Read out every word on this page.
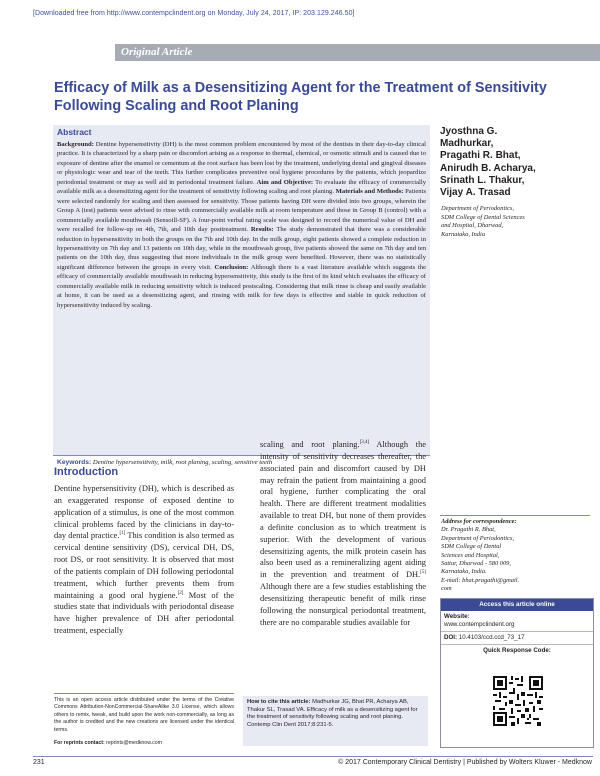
[Downloaded free from http://www.contempclindent.org on Monday, July 24, 2017, IP: 203.129.246.50]
Original Article
Efficacy of Milk as a Desensitizing Agent for the Treatment of Sensitivity
Following Scaling and Root Planing
Abstract
Background: Dentine hypersensitivity (DH) is the most common problem encountered by most of the dentists in their day-to-day clinical practice. It is characterized by a sharp pain or discomfort arising as a response to thermal, chemical, or osmotic stimuli and is caused due to exposure of dentine after the enamel or cementum at the root surface has been lost by the treatment, underlying dental and gingival diseases or physiologic wear and tear of the teeth. This further complicates preventive oral hygiene procedures by the patients, which jeopardize periodontal treatment or may as well aid in periodontal treatment failure. Aim and Objective: To evaluate the efficacy of commercially available milk as a desensitizing agent for the treatment of sensitivity following scaling and root planing. Materials and Methods: Patients were selected randomly for scaling and then assessed for sensitivity. Those patients having DH were divided into two groups, wherein the Group A (test) patients were advised to rinse with commercially available milk at room temperature and those in Group B (control) with a commercially available mouthwash (Sensoill-SF). A four-point verbal rating scale was designed to record the numerical value of DH and were recalled for follow-up on 4th, 7th, and 10th day posttreatment. Results: The study demonstrated that there was a considerable reduction in hypersensitivity in both the groups on the 7th and 10th day. In the milk group, eight patients showed a complete reduction in hypersensitivity on 7th day and 13 patients on 10th day, while in the mouthwash group, five patients showed the same on 7th day and ten patients on the 10th day, thus suggesting that more individuals in the milk group were benefited. However, there was no statistically significant difference between the groups in every visit. Conclusion: Although there is a vast literature available which suggests the efficacy of commercially available mouthwash in reducing hypersensitivity, this study is the first of its kind which evaluates the efficacy of commercially available milk in reducing sensitivity which is induced postscaling. Considering that milk rinse is cheap and easily available at home, it can be used as a desensitizing agent, and rinsing with milk for few days is effective and stable in quick reduction of hypersensitivity induced by scaling.
Keywords: Dentine hypersensitivity, milk, root planing, scaling, sensitive teeth
Jyosthna G.
Madhurkar,
Pragathi R. Bhat,
Anirudh B. Acharya,
Srinath L. Thakur,
Vijay A. Trasad
Department of Periodontics,
SDM College of Dental Sciences
and Hospital, Dharwad,
Karnataka, India
Introduction
Dentine hypersensitivity (DH), which is described as an exaggerated response of exposed dentine to application of a stimulus, is one of the most common clinical problems faced by the clinicians in day-to-day dental practice.[1] This condition is also termed as cervical dentine sensitivity (DS), cervical DH, DS, root DS, or root sensitivity. It is observed that most of the patients complain of DH following periodontal treatment, which further prevents them from maintaining a good oral hygiene.[2] Most of the studies state that individuals with periodontal disease have higher prevalence of DH after periodontal treatment, especially
scaling and root planing.[3,4] Although the intensity of sensitivity decreases thereafter, the associated pain and discomfort caused by DH may refrain the patient from maintaining a good oral hygiene, further complicating the oral health. There are different treatment modalities available to treat DH, but none of them provides a definite conclusion as to which treatment is superior. With the development of various desensitizing agents, the milk protein casein has also been used as a remineralizing agent aiding in the prevention and treatment of DH.[5] Although there are a few studies establishing the desensitizing therapeutic benefit of milk rinse following the nonsurgical periodontal treatment, there are no comparable studies available for
Address for correspondence:
Dr. Pragathi R. Bhat,
Department of Periodontics,
SDM College of Dental
Sciences and Hospital,
Sattur, Dharwad - 580 009,
Karnataka, India.
E-mail: bhat.pragathi@gmail.
com
Access this article online
Website:
www.contempclindent.org
DOI: 10.4103/ccd.ccd_73_17
Quick Response Code:
How to cite this article: Madhurkar JG, Bhat PR, Acharya AB, Thakur SL, Trasad VA. Efficacy of milk as a desensitizing agent for the treatment of sensitivity following scaling and root planing. Contemp Clin Dent 2017;8:231-5.
This is an open access article distributed under the terms of the Creative Commons Attribution-NonCommercial-ShareAlike 3.0 License, which allows others to remix, tweak, and build upon the work non-commercially, as long as the author is credited and the new creations are licensed under the identical terms.
For reprints contact: reprints@medknow.com
231	© 2017 Contemporary Clinical Dentistry | Published by Wolters Kluwer - Medknow
